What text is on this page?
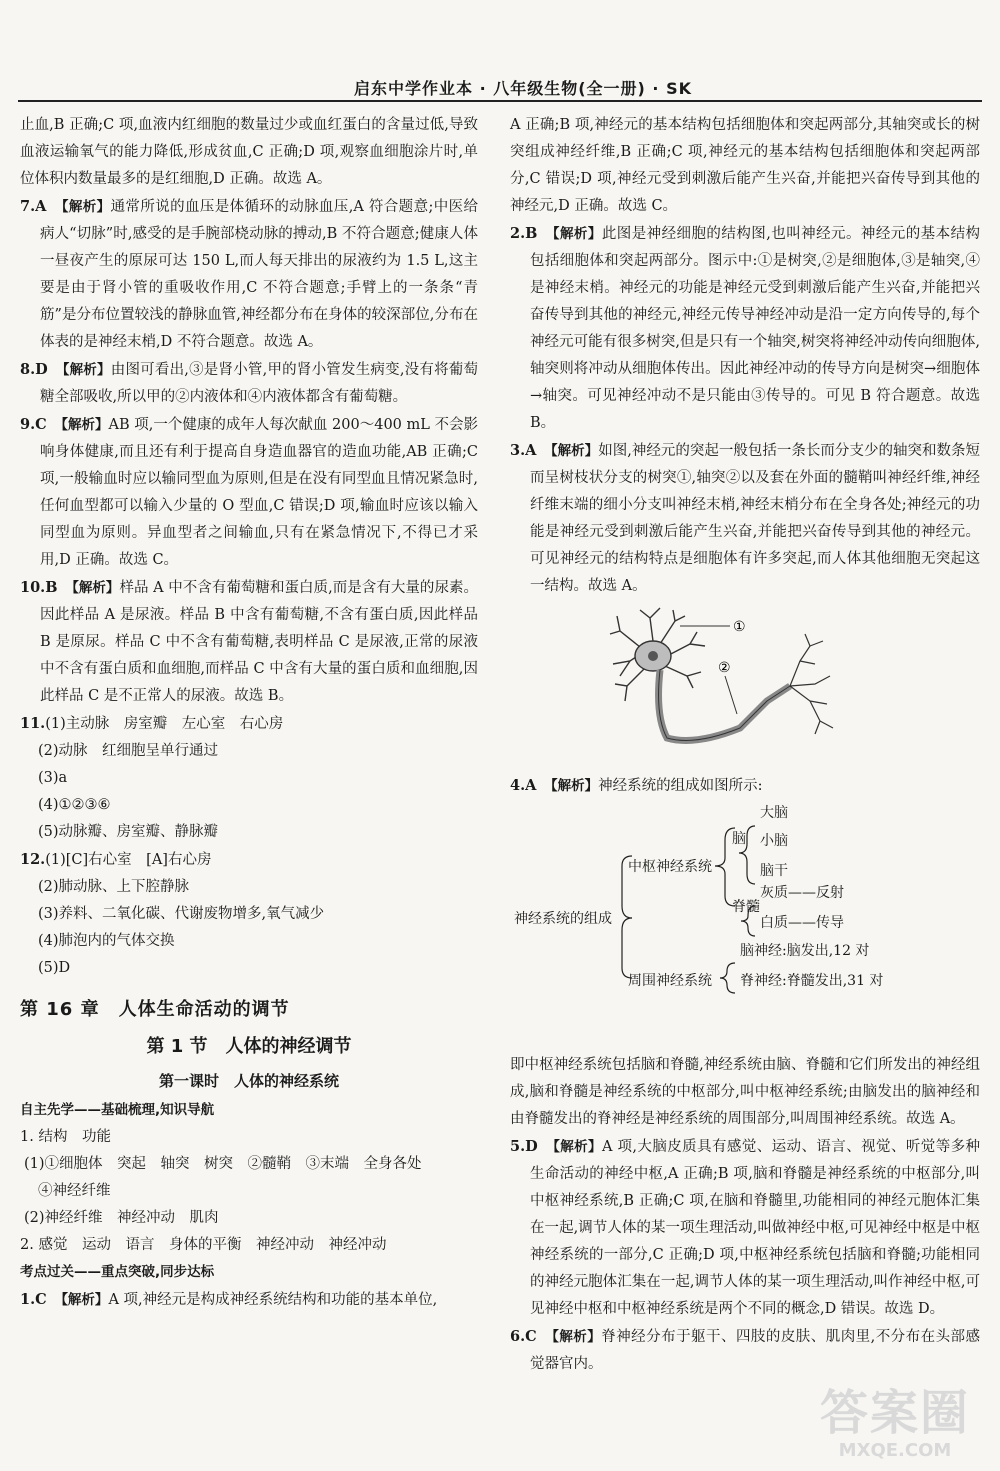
启东中学作业本 · 八年级生物(全一册) · SK

止血,B 正确;C 项,血液内红细胞的数量过少或血红蛋白的含量过低,导致血液运输氧气的能力降低,形成贫血,C 正确;D 项,观察血细胞涂片时,单位体积内数量最多的是红细胞,D 正确。故选 A。

7.A　 【解析】通常所说的血压是体循环的动脉血压,A 符合题意;中医给病人“切脉”时,感受的是手腕部桡动脉的搏动,B 不符合题意;健康人体一昼夜产生的原尿可达 150 L,而人每天排出的尿液约为 1.5 L,这主要是由于肾小管的重吸收作用,C 不符合题意;手臂上的一条条“青筋”是分布位置较浅的静脉血管,神经都分布在身体的较深部位,分布在体表的是神经末梢,D 不符合题意。故选 A。

8.D　 【解析】由图可看出,③是肾小管,甲的肾小管发生病变,没有将葡萄糖全部吸收,所以甲的②内液体和④内液体都含有葡萄糖。

9.C　 【解析】AB 项,一个健康的成年人每次献血 200～400 mL 不会影响身体健康,而且还有利于提高自身造血器官的造血功能,AB 正确;C 项,一般输血时应以输同型血为原则,但是在没有同型血且情况紧急时,任何血型都可以输入少量的 O 型血,C 错误;D 项,输血时应该以输入同型血为原则。异血型者之间输血,只有在紧急情况下,不得已才采用,D 正确。故选 C。

10.B　 【解析】样品 A 中不含有葡萄糖和蛋白质,而是含有大量的尿素。因此样品 A 是尿液。样品 B 中含有葡萄糖,不含有蛋白质,因此样品 B 是原尿。样品 C 中不含有葡萄糖,表明样品 C 是尿液,正常的尿液中不含有蛋白质和血细胞,而样品 C 中含有大量的蛋白质和血细胞,因此样品 C 是不正常人的尿液。故选 B。

11.(1)主动脉　房室瓣　左心室　右心房

(2)动脉　红细胞呈单行通过

(3)a

(4)①②③⑥

(5)动脉瓣、房室瓣、静脉瓣

12.(1)[C]右心室　[A]右心房

(2)肺动脉、上下腔静脉

(3)养料、二氧化碳、代谢废物增多,氧气减少

(4)肺泡内的气体交换

(5)D

第 16 章　人体生命活动的调节
第 1 节　人体的神经调节
第一课时　人体的神经系统
自主先学——基础梳理,知识导航

1. 结构　功能

(1)①细胞体　突起　轴突　树突　②髓鞘　③末端　全身各处

④神经纤维

(2)神经纤维　神经冲动　肌肉

2. 感觉　运动　语言　身体的平衡　神经冲动　神经冲动

考点过关——重点突破,同步达标

1.C　 【解析】A 项,神经元是构成神经系统结构和功能的基本单位,

A 正确;B 项,神经元的基本结构包括细胞体和突起两部分,其轴突或长的树突组成神经纤维,B 正确;C 项,神经元的基本结构包括细胞体和突起两部分,C 错误;D 项,神经元受到刺激后能产生兴奋,并能把兴奋传导到其他的神经元,D 正确。故选 C。

2.B　 【解析】此图是神经细胞的结构图,也叫神经元。神经元的基本结构包括细胞体和突起两部分。图示中:①是树突,②是细胞体,③是轴突,④是神经末梢。神经元的功能是神经元受到刺激后能产生兴奋,并能把兴奋传导到其他的神经元,神经元传导神经冲动是沿一定方向传导的,每个神经元可能有很多树突,但是只有一个轴突,树突将神经冲动传向细胞体,轴突则将冲动从细胞体传出。因此神经冲动的传导方向是树突→细胞体→轴突。可见神经冲动不是只能由③传导的。可见 B 符合题意。故选 B。

3.A　 【解析】如图,神经元的突起一般包括一条长而分支少的轴突和数条短而呈树枝状分支的树突①,轴突②以及套在外面的髓鞘叫神经纤维,神经纤维末端的细小分支叫神经末梢,神经末梢分布在全身各处;神经元的功能是神经元受到刺激后能产生兴奋,并能把兴奋传导到其他的神经元。可见神经元的结构特点是细胞体有许多突起,而人体其他细胞无突起这一结构。故选 A。

①
②

4.A　 【解析】神经系统的组成如图所示:

神经系统的组成
中枢神经系统
周围神经系统
脑
大脑
小脑
脑干
脊髓
灰质——反射
白质——传导
脑神经:脑发出,12 对
脊神经:脊髓发出,31 对

即中枢神经系统包括脑和脊髓,神经系统由脑、脊髓和它们所发出的神经组成,脑和脊髓是神经系统的中枢部分,叫中枢神经系统;由脑发出的脑神经和由脊髓发出的脊神经是神经系统的周围部分,叫周围神经系统。故选 A。

5.D　 【解析】A 项,大脑皮质具有感觉、运动、语言、视觉、听觉等多种生命活动的神经中枢,A 正确;B 项,脑和脊髓是神经系统的中枢部分,叫中枢神经系统,B 正确;C 项,在脑和脊髓里,功能相同的神经元胞体汇集在一起,调节人体的某一项生理活动,叫做神经中枢,可见神经中枢是中枢神经系统的一部分,C 正确;D 项,中枢神经系统包括脑和脊髓;功能相同的神经元胞体汇集在一起,调节人体的某一项生理活动,叫作神经中枢,可见神经中枢和中枢神经系统是两个不同的概念,D 错误。故选 D。

6.C　 【解析】脊神经分布于躯干、四肢的皮肤、肌肉里,不分布在头部感觉器官内。

答案圈
MXQE.COM
